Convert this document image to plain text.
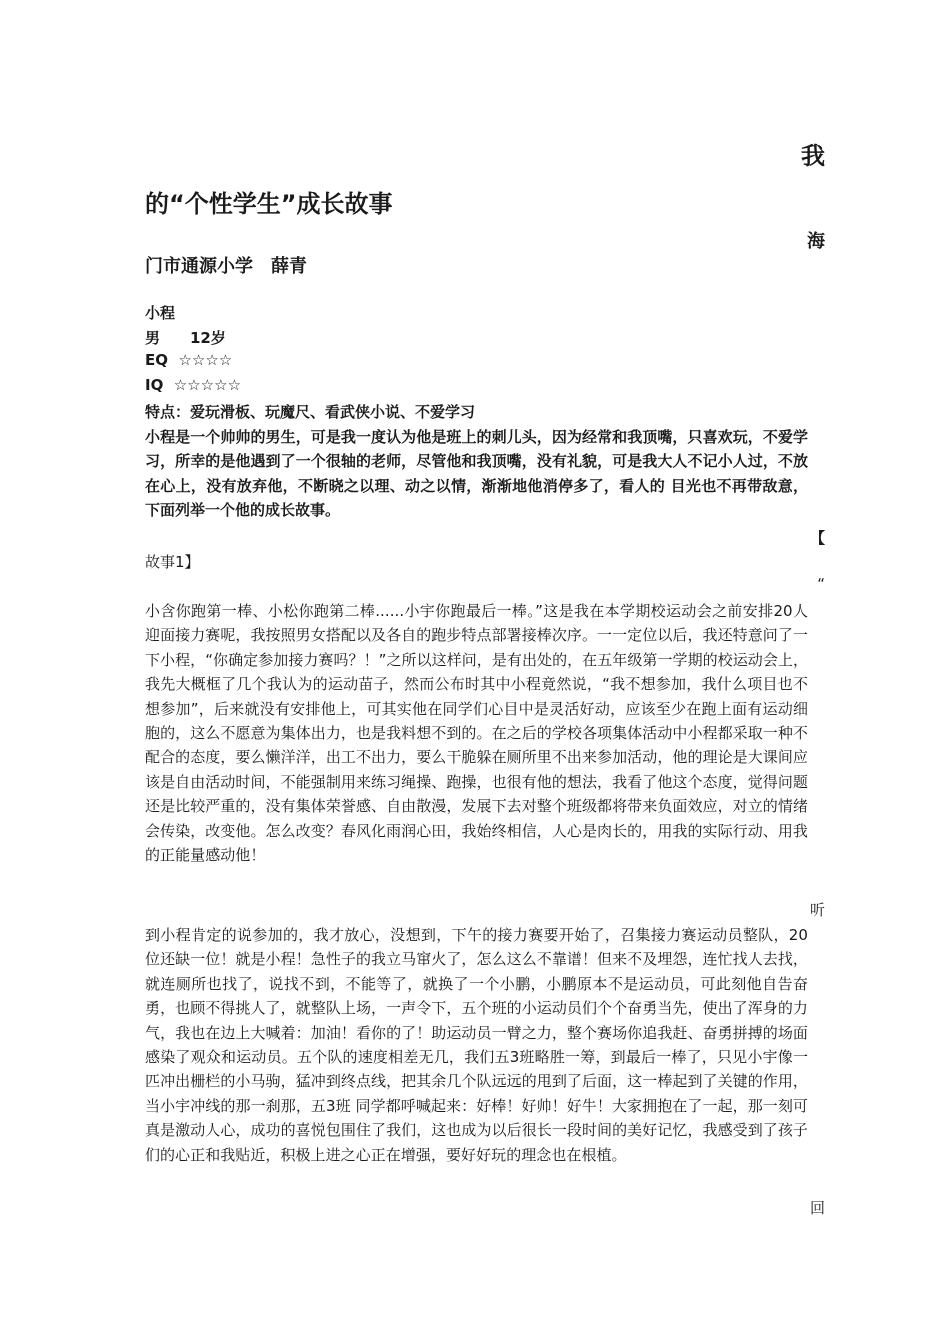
我
的“个性学生”成长故事
海
门市通源小学　薛青
小程
男　　12岁
EQ  ☆☆☆☆
IQ  ☆☆☆☆☆
特点：爱玩滑板、玩魔尺、看武侠小说、不爱学习
小程是一个帅帅的男生，可是我一度认为他是班上的刺儿头，因为经常和我顶嘴，只喜欢玩，不爱学习，所幸的是他遇到了一个很轴的老师，尽管他和我顶嘴，没有礼貌，可是我大人不记小人过，不放在心上，没有放弃他，不断晓之以理、动之以情，渐渐地他消停多了，看人的 目光也不再带敌意，下面列举一个他的成长故事。
【
故事1】
“
小含你跑第一棒、小松你跑第二棒......小宇你跑最后一棒。”这是我在本学期校运动会之前安排20人迎面接力赛呢，我按照男女搭配以及各自的跑步特点部署接棒次序。一一定位以后，我还特意问了一下小程，“你确定参加接力赛吗？！”之所以这样问，是有出处的，在五年级第一学期的校运动会上，我先大概框了几个我认为的运动苗子，然而公布时其中小程竟然说，“我不想参加，我什么项目也不想参加”，后来就没有安排他上，可其实他在同学们心目中是灵活好动，应该至少在跑上面有运动细胞的，这么不愿意为集体出力，也是我料想不到的。在之后的学校各项集体活动中小程都采取一种不配合的态度，要么懒洋洋，出工不出力，要么干脆躲在厕所里不出来参加活动，他的理论是大课间应该是自由活动时间，不能强制用来练习绳操、跑操，也很有他的想法，我看了他这个态度，觉得问题还是比较严重的，没有集体荣誉感、自由散漫，发展下去对整个班级都将带来负面效应，对立的情绪会传染，改变他。怎么改变？春风化雨润心田，我始终相信，人心是肉长的，用我的实际行动、用我的正能量感动他！
听
到小程肯定的说参加的，我才放心，没想到，下午的接力赛要开始了，召集接力赛运动员整队，20位还缺一位！就是小程！急性子的我立马窜火了，怎么这么不靠谱！但来不及埋怨，连忙找人去找，就连厕所也找了，说找不到，不能等了，就换了一个小鹏，小鹏原本不是运动员，可此刻他自告奋勇，也顾不得挑人了，就整队上场，一声令下，五个班的小运动员们个个奋勇当先，使出了浑身的力气，我也在边上大喊着：加油！看你的了！助运动员一臂之力，整个赛场你追我赶、奋勇拼搏的场面感染了观众和运动员。五个队的速度相差无几，我们五3班略胜一筹，到最后一棒了，只见小宇像一匹冲出栅栏的小马驹，猛冲到终点线，把其余几个队远远的甩到了后面，这一棒起到了关键的作用，当小宇冲线的那一刹那，五3班 同学都呼喊起来：好棒！好帅！好牛！大家拥抱在了一起，那一刻可真是激动人心，成功的喜悦包围住了我们，这也成为以后很长一段时间的美好记忆，我感受到了孩子们的心正和我贴近，积极上进之心正在增强，要好好玩的理念也在根植。
回
